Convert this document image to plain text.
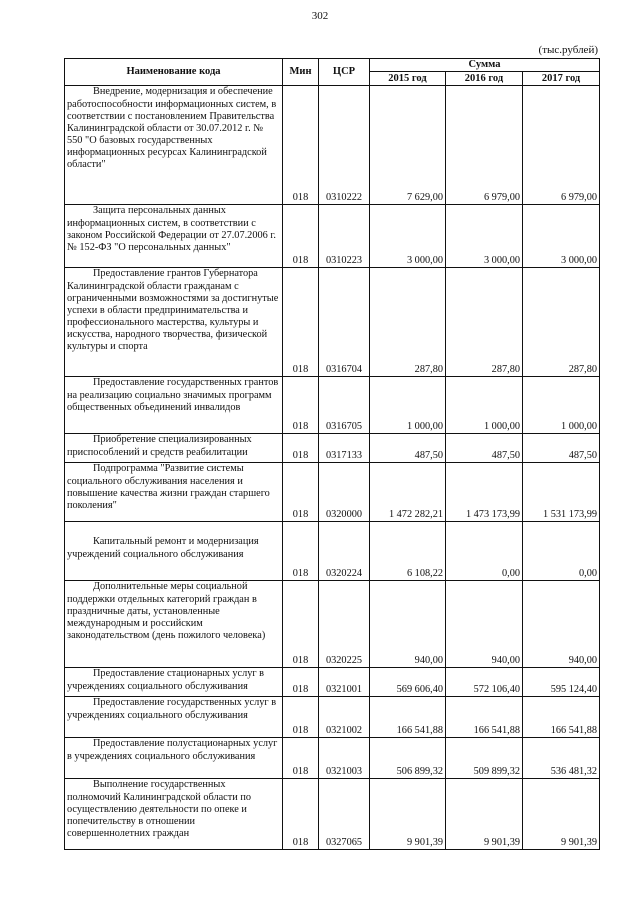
302
(тыс.рублей)
Наименование кода	Мин	ЦСР	Сумма		
			2015 год	2016 год	2017 год
Внедрение, модернизация и обеспечение работоспособности информационных систем, в соответствии с постановлением Правительства Калининградской области от 30.07.2012 г. № 550 "О базовых государственных информационных ресурсах Калининградской области"	018	0310222	7 629,00	6 979,00	6 979,00
Защита персональных данных информационных систем, в соответствии с законом Российской Федерации от 27.07.2006 г. № 152-ФЗ "О персональных данных"	018	0310223	3 000,00	3 000,00	3 000,00
Предоставление грантов Губернатора Калининградской области гражданам с ограниченными возможностями за достигнутые успехи в области предпринимательства и профессионального мастерства, культуры и искусства, народного творчества, физической культуры и спорта	018	0316704	287,80	287,80	287,80
Предоставление государственных грантов на реализацию социально значимых программ общественных объединений инвалидов	018	0316705	1 000,00	1 000,00	1 000,00
Приобретение специализированных приспособлений и средств реабилитации	018	0317133	487,50	487,50	487,50
Подпрограмма "Развитие системы социального обслуживания населения и повышение качества жизни граждан старшего поколения"	018	0320000	1 472 282,21	1 473 173,99	1 531 173,99
Капитальный ремонт и модернизация учреждений социального обслуживания	018	0320224	6 108,22	0,00	0,00
Дополнительные меры социальной поддержки отдельных категорий граждан в праздничные даты, установленные международным и российским законодательством (день пожилого человека)	018	0320225	940,00	940,00	940,00
Предоставление стационарных услуг в учреждениях социального обслуживания	018	0321001	569 606,40	572 106,40	595 124,40
Предоставление государственных услуг в учреждениях социального обслуживания	018	0321002	166 541,88	166 541,88	166 541,88
Предоставление полустационарных услуг в учреждениях социального обслуживания	018	0321003	506 899,32	509 899,32	536 481,32
Выполнение государственных полномочий Калининградской области по осуществлению деятельности по опеке и попечительству в отношении совершеннолетних граждан	018	0327065	9 901,39	9 901,39	9 901,39
